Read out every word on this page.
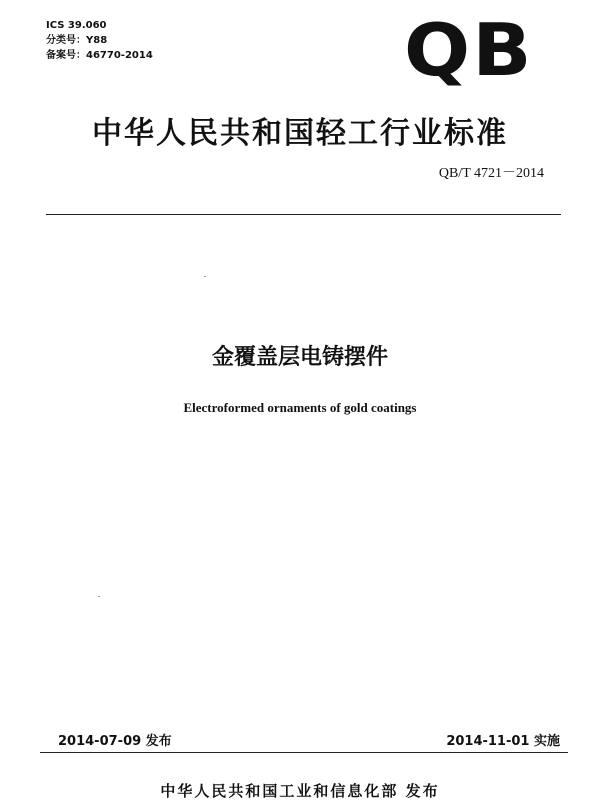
ICS 39.060
分类号：Y88
备案号：46770-2014	QB
中华人民共和国轻工行业标准
QB/T 4721－2014
金覆盖层电铸摆件
Electroformed ornaments of gold coatings
2014-07-09 发布	2014-11-01 实施
中华人民共和国工业和信息化部 发布
